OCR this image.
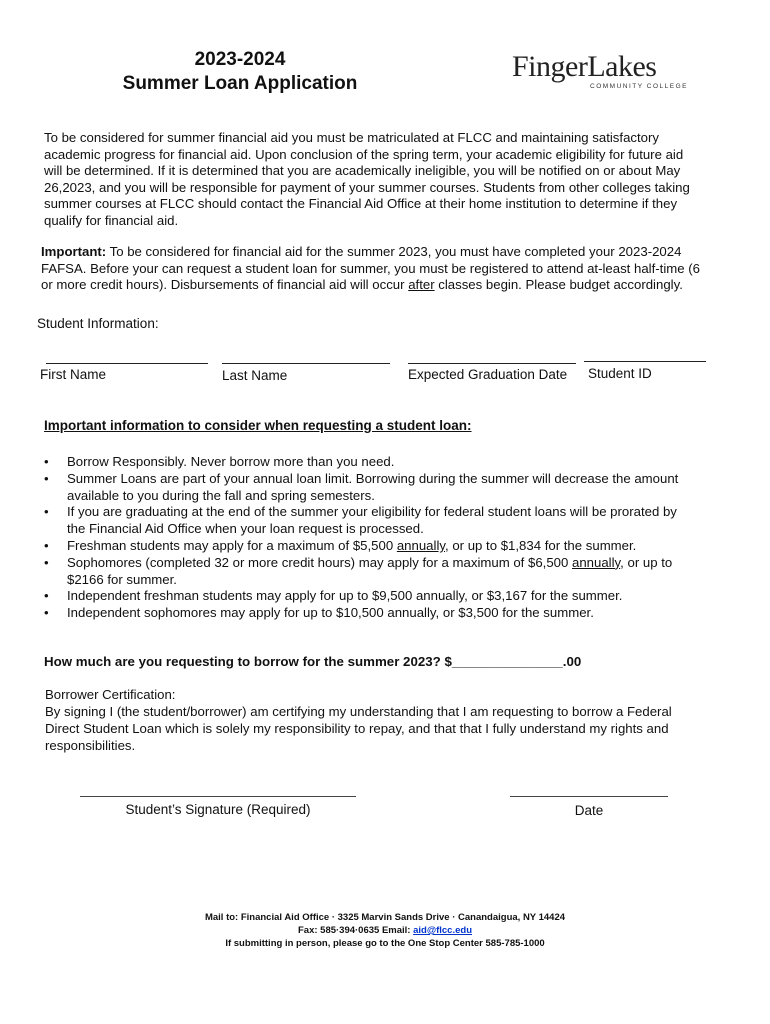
2023-2024
Summer Loan Application
FingerLakes
COMMUNITY COLLEGE
To be considered for summer financial aid you must be matriculated at FLCC and maintaining satisfactory academic progress for financial aid. Upon conclusion of the spring term, your academic eligibility for future aid will be determined. If it is determined that you are academically ineligible, you will be notified on or about May 26,2023, and you will be responsible for payment of your summer courses. Students from other colleges taking summer courses at FLCC should contact the Financial Aid Office at their home institution to determine if they qualify for financial aid.
Important: To be considered for financial aid for the summer 2023, you must have completed your 2023-2024 FAFSA. Before your can request a student loan for summer, you must be registered to attend at-least half-time (6 or more credit hours). Disbursements of financial aid will occur after classes begin. Please budget accordingly.
Student Information:
First Name	Last Name	Expected Graduation Date Student ID
Important information to consider when requesting a student loan:
• Borrow Responsibly. Never borrow more than you need.
• Summer Loans are part of your annual loan limit. Borrowing during the summer will decrease the amount available to you during the fall and spring semesters.
• If you are graduating at the end of the summer your eligibility for federal student loans will be prorated by the Financial Aid Office when your loan request is processed.
• Freshman students may apply for a maximum of $5,500 annually, or up to $1,834 for the summer.
• Sophomores (completed 32 or more credit hours) may apply for a maximum of $6,500 annually, or up to $2166 for summer.
• Independent freshman students may apply for up to $9,500 annually, or $3,167 for the summer.
• Independent sophomores may apply for up to $10,500 annually, or $3,500 for the summer.
How much are you requesting to borrow for the summer 2023? $_______________.00
Borrower Certification:
By signing I (the student/borrower) am certifying my understanding that I am requesting to borrow a Federal Direct Student Loan which is solely my responsibility to repay, and that that I fully understand my rights and responsibilities.
Student’s Signature (Required)	Date
Mail to: Financial Aid Office · 3325 Marvin Sands Drive · Canandaigua, NY 14424
Fax: 585·394·0635 Email: aid@flcc.edu
If submitting in person, please go to the One Stop Center 585-785-1000
